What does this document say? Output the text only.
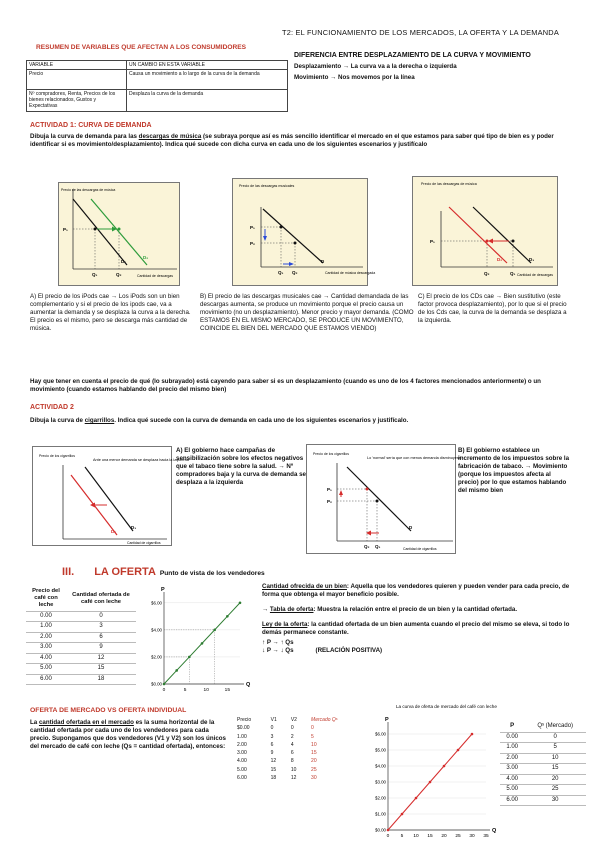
T2: EL FUNCIONAMIENTO DE LOS MERCADOS, LA OFERTA Y LA DEMANDA
RESUMEN DE VARIABLES QUE AFECTAN A LOS CONSUMIDORES
VARIABLE	UN CAMBIO EN ESTA VARIABLE
Precio	Causa un movimiento a lo largo de la curva de la demanda
Nº compradores, Renta, Precios de los bienes relacionados, Gustos y Expectativas	Desplaza la curva de la demanda
DIFERENCIA ENTRE DESPLAZAMIENTO DE LA CURVA Y MOVIMIENTO
Desplazamiento → La curva va a la derecha o izquierda
Movimiento → Nos movemos por la línea
ACTIVIDAD 1: CURVA DE DEMANDA
Dibuja la curva de demanda para las descargas de música (se subraya porque así es más sencillo identificar el mercado en el que estamos para saber qué tipo de bien es y poder identificar si es movimiento/desplazamiento). Indica qué sucede con dicha curva en cada uno de los siguientes escenarios y justifícalo
Precio de las descargas de música
P₁
Q₁	Q₂
D₁
D₂
Cantidad de descargas
Precio de las descargas musicales
P₁
P₂
Q₁ Q₂
D
Cantidad de música descargada
Precio de las descargas de música
P₁
Q₂	Q₁
D₁
D₂
Cantidad de descargas
A) El precio de los iPods cae → Los iPods son un bien complementario y si el precio de los ipods cae, va a aumentar la demanda y se desplaza la curva a la derecha. El precio es el mismo, pero se descarga más cantidad de música.
B) El precio de las descargas musicales cae → Cantidad demandada de las descargas aumenta, se produce un movimiento porque el precio causa un movimiento (no un desplazamiento). Menor precio y mayor demanda. (COMO ESTAMOS EN EL MISMO MERCADO, SE PRODUCE UN MOVIMIENTO, COINCIDE EL BIEN DEL MERCADO QUE ESTAMOS VIENDO)
C) El precio de los CDs cae → Bien sustitutivo (este factor provoca desplazamiento), por lo que si el precio de los Cds cae, la curva de la demanda se desplaza a la izquierda.
Hay que tener en cuenta el precio de qué (lo subrayado) está cayendo para saber si es un desplazamiento (cuando es uno de los 4 factores mencionados anteriormente) o un movimiento (cuando estamos hablando del precio del mismo bien)
ACTIVIDAD 2
Dibuja la curva de cigarrillos. Indica qué sucede con la curva de demanda en cada uno de los siguientes escenarios y justifícalo.
Precio de los cigarrillos
Ante una menor demanda se desplaza hacia la izquierda
D₁
D₂
Cantidad de cigarrillos
A) El gobierno hace campañas de sensibilización sobre los efectos negativos que el tabaco tiene sobre la salud. → Nº compradores baja y la curva de demanda se desplaza a la izquierda
Precio de los cigarrillos
Lo 'normal' sería que con menos demanda disminuyese.
P₁
P₂
Q₂ Q₁
D
Cantidad de cigarrillos
B) El gobierno establece un incremento de los impuestos sobre la fabricación de tabaco. → Movimiento (porque los impuestos afecta al precio) por lo que estamos hablando del mismo bien
III. LA OFERTA Punto de vista de los vendedores
Precio del café con leche	Cantidad ofertada de café con leche
0.00	0
1.00	3
2.00	6
3.00	9
4.00	12
5.00	15
6.00	18
$0.00
$2.00
$4.00
$6.00
0	5	10	15
P
Q
Cantidad ofrecida de un bien: Aquella que los vendedores quieren y pueden vender para cada precio, de forma que obtenga el mayor beneficio posible.
→ Tabla de oferta: Muestra la relación entre el precio de un bien y la cantidad ofertada.
Ley de la oferta: la cantidad ofertada de un bien aumenta cuando el precio del mismo se eleva, si todo lo demás permanece constante.
↑ P → ↑ Qs
↓ P → ↓ Qs	(RELACIÓN POSITIVA)
OFERTA DE MERCADO VS OFERTA INDIVIDUAL
La cantidad ofertada en el mercado es la suma horizontal de la cantidad ofertada por cada uno de los vendedores para cada precio. Supongamos que dos vendedores (V1 y V2) son los únicos del mercado de café con leche (Qs = cantidad ofertada), entonces:
Precio	V1	V2	Mercado Qˢ
$0.00	0	0	0
1.00	3	2	5
2.00	6	4	10
3.00	9	6	15
4.00	12	8	20
5.00	15	10	25
6.00	18	12	30
La curva de oferta de mercado del café con leche
$0.00
$1.00
$2.00
$3.00
$4.00
$5.00
$6.00
0 5 10 15 20 25 30 35
P
Q
P	Qˢ (Mercado)
0.00	0
1.00	5
2.00	10
3.00	15
4.00	20
5.00	25
6.00	30
